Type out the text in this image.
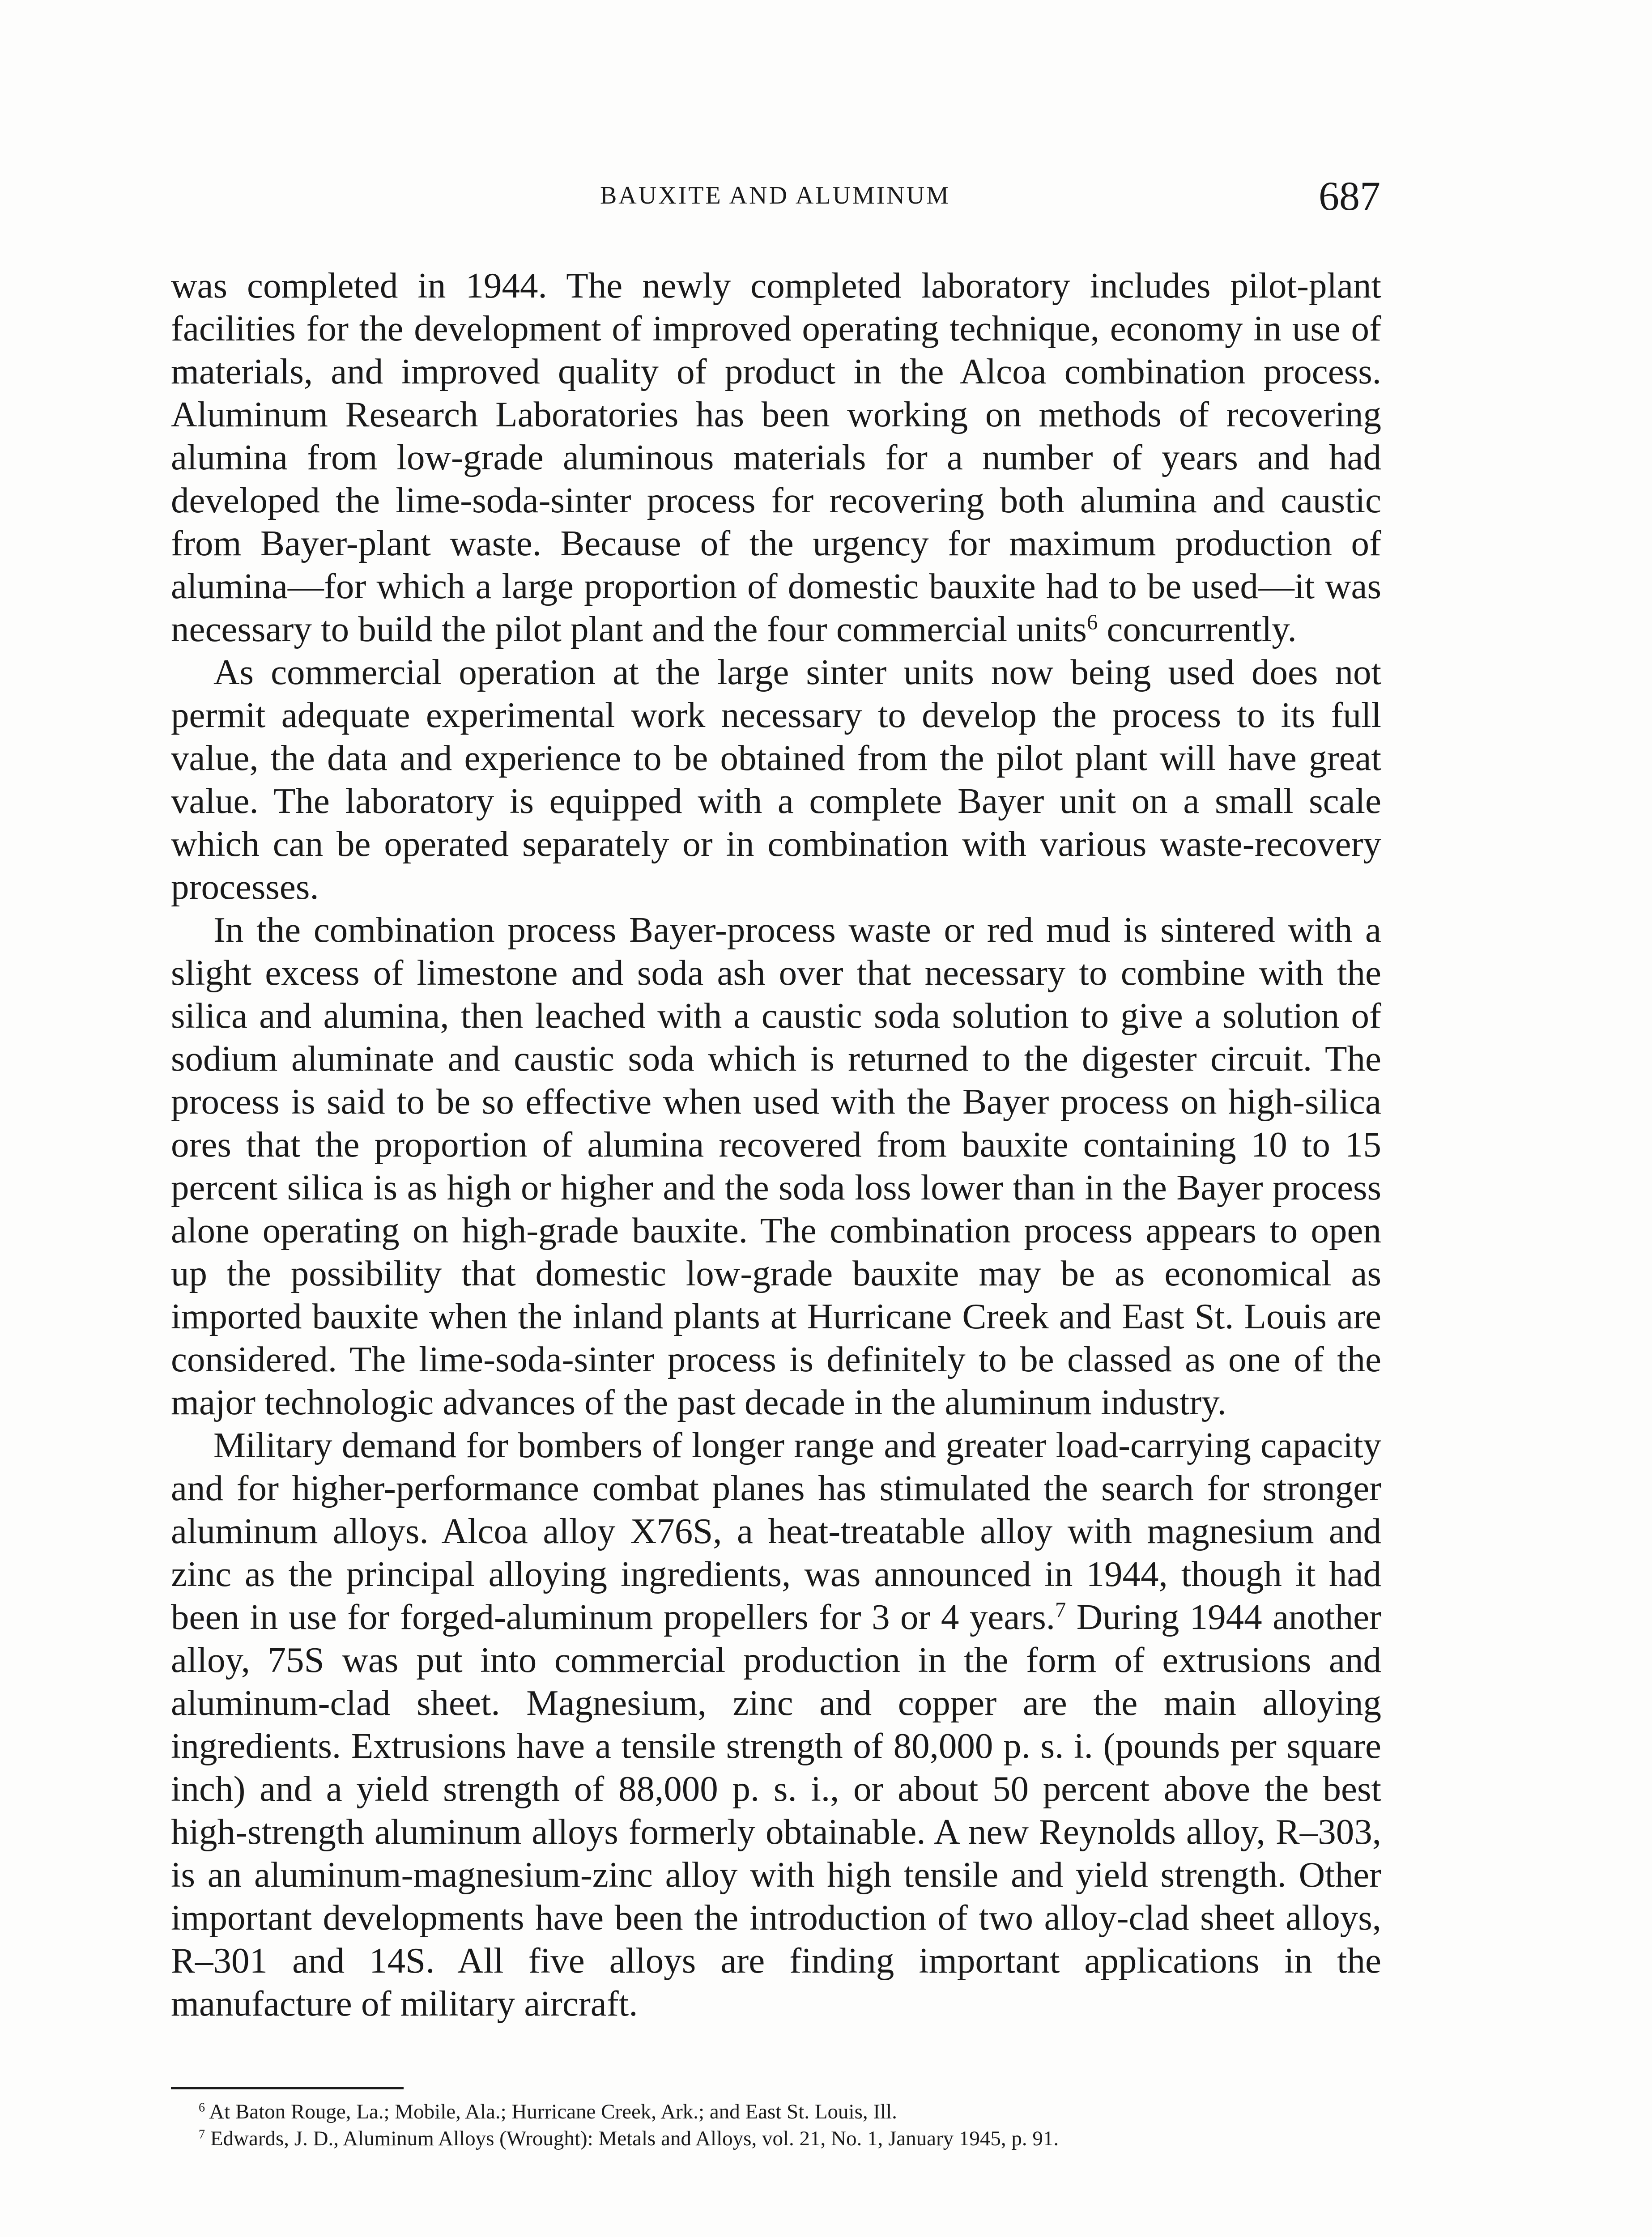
BAUXITE AND ALUMINUM	687

was completed in 1944. The newly completed laboratory includes pilot-plant facilities for the development of improved operating technique, economy in use of materials, and improved quality of product in the Alcoa combination process. Aluminum Research Laboratories has been working on methods of recovering alumina from low-grade aluminous materials for a number of years and had developed the lime-soda-sinter process for recovering both alumina and caustic from Bayer-plant waste. Because of the urgency for maximum production of alumina—for which a large proportion of domestic bauxite had to be used—it was necessary to build the pilot plant and the four commercial units$^6$ concurrently.

As commercial operation at the large sinter units now being used does not permit adequate experimental work necessary to develop the process to its full value, the data and experience to be obtained from the pilot plant will have great value. The laboratory is equipped with a complete Bayer unit on a small scale which can be operated separately or in combination with various waste-recovery processes.

In the combination process Bayer-process waste or red mud is sintered with a slight excess of limestone and soda ash over that necessary to combine with the silica and alumina, then leached with a caustic soda solution to give a solution of sodium aluminate and caustic soda which is returned to the digester circuit. The process is said to be so effective when used with the Bayer process on high-silica ores that the proportion of alumina recovered from bauxite containing 10 to 15 percent silica is as high or higher and the soda loss lower than in the Bayer process alone operating on high-grade bauxite. The combination process appears to open up the possibility that domestic low-grade bauxite may be as economical as imported bauxite when the inland plants at Hurricane Creek and East St. Louis are considered. The lime-soda-sinter process is definitely to be classed as one of the major technologic advances of the past decade in the aluminum industry.

Military demand for bombers of longer range and greater load-carrying capacity and for higher-performance combat planes has stimulated the search for stronger aluminum alloys. Alcoa alloy X76S, a heat-treatable alloy with magnesium and zinc as the principal alloying ingredients, was announced in 1944, though it had been in use for forged-aluminum propellers for 3 or 4 years.$^7$ During 1944 another alloy, 75S was put into commercial production in the form of extrusions and aluminum-clad sheet. Magnesium, zinc and copper are the main alloying ingredients. Extrusions have a tensile strength of 80,000 p. s. i. (pounds per square inch) and a yield strength of 88,000 p. s. i., or about 50 percent above the best high-strength aluminum alloys formerly obtainable. A new Reynolds alloy, R–303, is an aluminum-magnesium-zinc alloy with high tensile and yield strength. Other important developments have been the introduction of two alloy-clad sheet alloys, R–301 and 14S. All five alloys are finding important applications in the manufacture of military aircraft.

$^6$ At Baton Rouge, La.; Mobile, Ala.; Hurricane Creek, Ark.; and East St. Louis, Ill.

$^7$ Edwards, J. D., Aluminum Alloys (Wrought): Metals and Alloys, vol. 21, No. 1, January 1945, p. 91.
